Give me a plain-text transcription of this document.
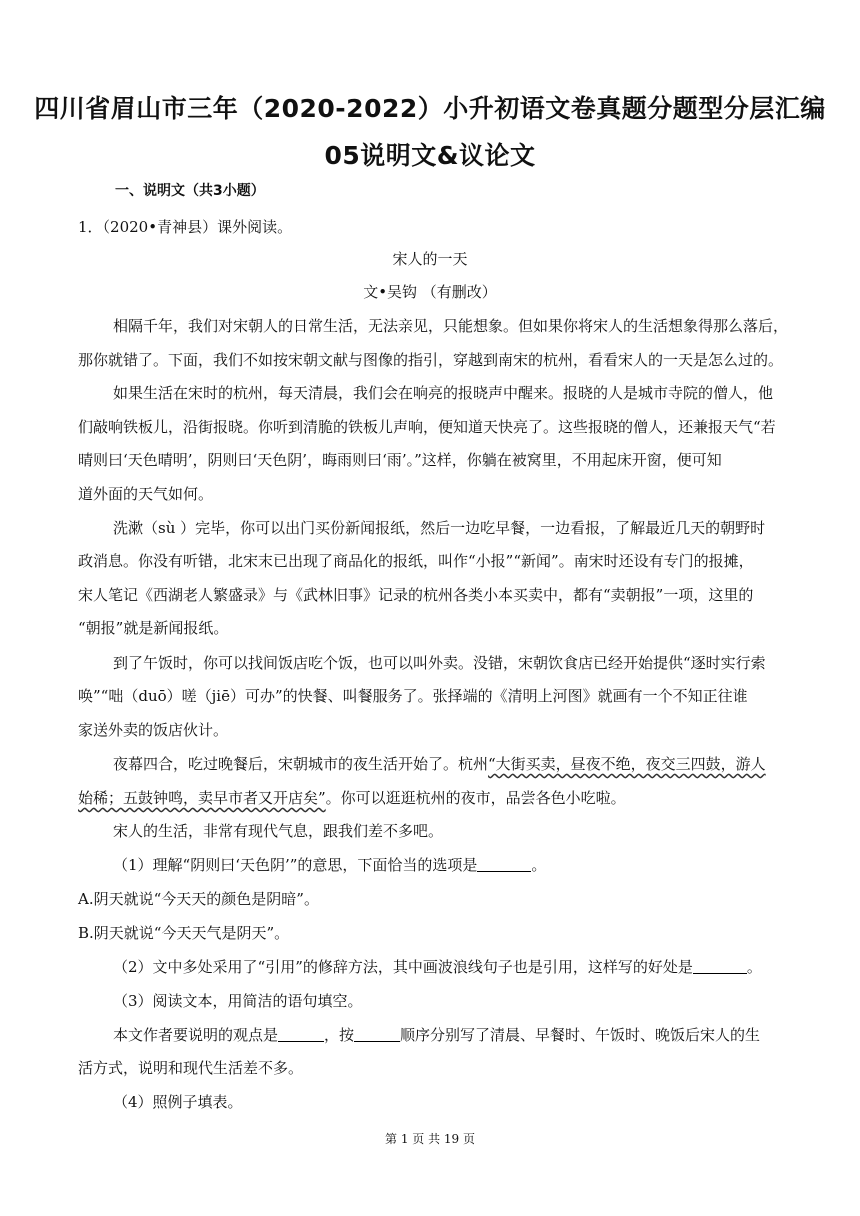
四川省眉山市三年（2020-2022）小升初语文卷真题分题型分层汇编
05说明文&议论文
一、说明文（共3小题）
1．（2020•青神县）课外阅读。
宋人的一天
文•吴钩 （有删改）
相隔千年，我们对宋朝人的日常生活，无法亲见，只能想象。但如果你将宋人的生活想象得那么落后，
那你就错了。下面，我们不如按宋朝文献与图像的指引，穿越到南宋的杭州，看看宋人的一天是怎么过的。
如果生活在宋时的杭州，每天清晨，我们会在响亮的报晓声中醒来。报晓的人是城市寺院的僧人，他
们敲响铁板儿，沿街报晓。你听到清脆的铁板儿声响，便知道天快亮了。这些报晓的僧人，还兼报天气“若
晴则曰‘天色晴明’，阴则曰‘天色阴’，晦雨则曰‘雨’。”这样，你躺在被窝里，不用起床开窗，便可知
道外面的天气如何。
洗漱（sù ）完毕，你可以出门买份新闻报纸，然后一边吃早餐，一边看报，了解最近几天的朝野时
政消息。你没有听错，北宋末已出现了商品化的报纸，叫作“小报”“新闻”。南宋时还设有专门的报摊，
宋人笔记《西湖老人繁盛录》与《武林旧事》记录的杭州各类小本买卖中，都有“卖朝报”一项，这里的
“朝报”就是新闻报纸。
到了午饭时，你可以找间饭店吃个饭，也可以叫外卖。没错，宋朝饮食店已经开始提供“逐时实行索
唤”“咄（duō）嗟（jiē）可办”的快餐、叫餐服务了。张择端的《清明上河图》就画有一个不知正往谁
家送外卖的饭店伙计。
夜幕四合，吃过晚餐后，宋朝城市的夜生活开始了。杭州“大街买卖，昼夜不绝，夜交三四鼓，游人
始稀；五鼓钟鸣，卖早市者又开店矣”。你可以逛逛杭州的夜市，品尝各色小吃啦。
宋人的生活，非常有现代气息，跟我们差不多吧。
（1）理解“阴则曰‘天色阴’”的意思，下面恰当的选项是	。
A.阴天就说“今天天的颜色是阴暗”。
B.阴天就说“今天天气是阴天”。
（2）文中多处采用了“引用”的修辞方法，其中画波浪线句子也是引用，这样写的好处是	。
（3）阅读文本，用简洁的语句填空。
本文作者要说明的观点是	，按	顺序分别写了清晨、早餐时、午饭时、晚饭后宋人的生
活方式，说明和现代生活差不多。
（4）照例子填表。
第 1 页 共 19 页
